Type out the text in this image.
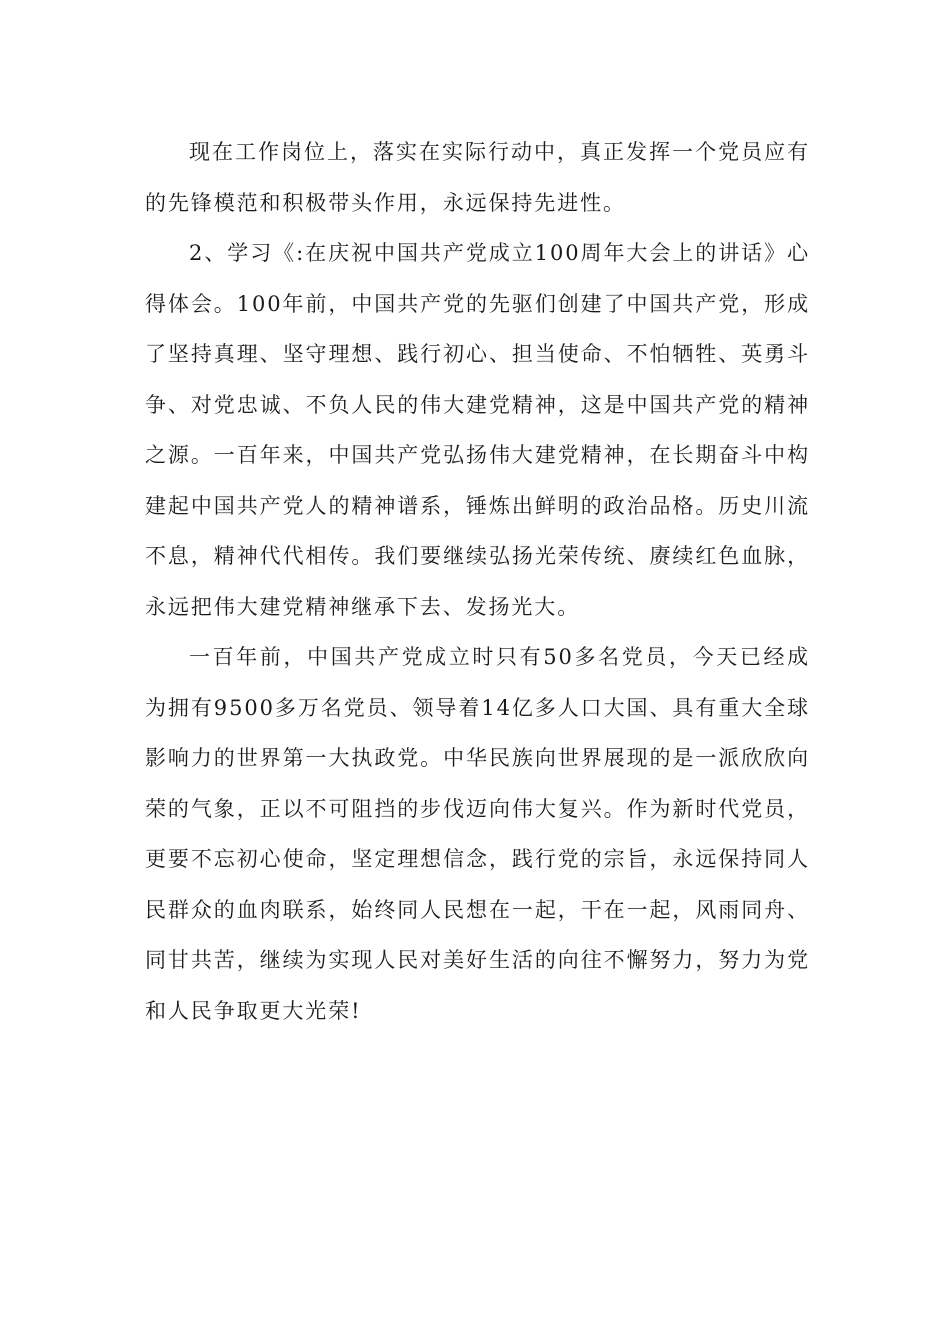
现在工作岗位上，落实在实际行动中，真正发挥一个党员应有的先锋模范和积极带头作用，永远保持先进性。

2、学习《:在庆祝中国共产党成立100周年大会上的讲话》心得体会。100年前，中国共产党的先驱们创建了中国共产党，形成了坚持真理、坚守理想、践行初心、担当使命、不怕牺牲、英勇斗争、对党忠诚、不负人民的伟大建党精神，这是中国共产党的精神之源。一百年来，中国共产党弘扬伟大建党精神，在长期奋斗中构建起中国共产党人的精神谱系，锤炼出鲜明的政治品格。历史川流不息，精神代代相传。我们要继续弘扬光荣传统、赓续红色血脉，永远把伟大建党精神继承下去、发扬光大。

一百年前，中国共产党成立时只有50多名党员，今天已经成为拥有9500多万名党员、领导着14亿多人口大国、具有重大全球影响力的世界第一大执政党。中华民族向世界展现的是一派欣欣向荣的气象，正以不可阻挡的步伐迈向伟大复兴。作为新时代党员，更要不忘初心使命，坚定理想信念，践行党的宗旨，永远保持同人民群众的血肉联系，始终同人民想在一起，干在一起，风雨同舟、同甘共苦，继续为实现人民对美好生活的向往不懈努力，努力为党和人民争取更大光荣!
